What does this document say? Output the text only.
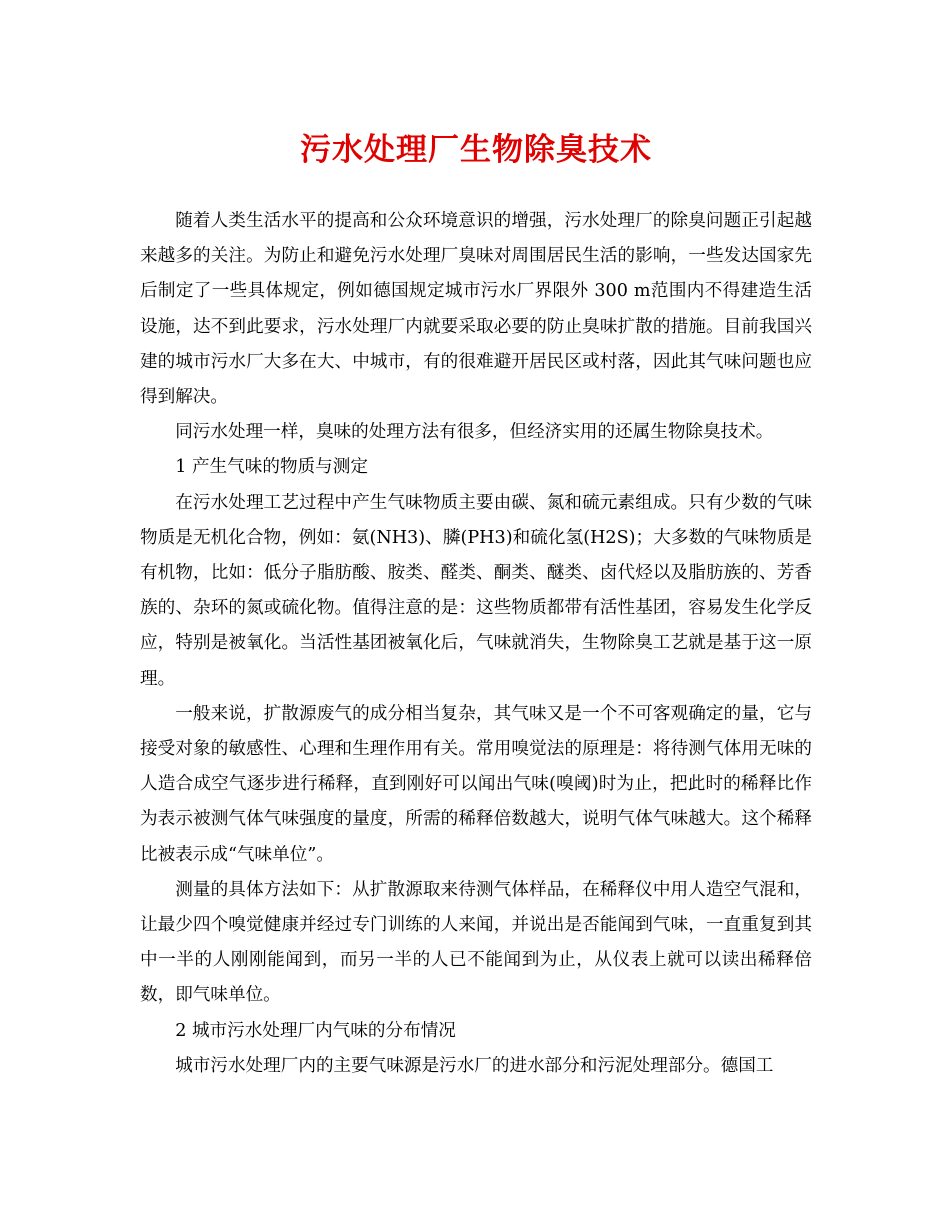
污水处理厂生物除臭技术

随着人类生活水平的提高和公众环境意识的增强，污水处理厂的除臭问题正引起越来越多的关注。为防止和避免污水处理厂臭味对周围居民生活的影响，一些发达国家先后制定了一些具体规定，例如德国规定城市污水厂界限外 300 m范围内不得建造生活设施，达不到此要求，污水处理厂内就要采取必要的防止臭味扩散的措施。目前我国兴建的城市污水厂大多在大、中城市，有的很难避开居民区或村落，因此其气味问题也应得到解决。

同污水处理一样，臭味的处理方法有很多，但经济实用的还属生物除臭技术。

1 产生气味的物质与测定

在污水处理工艺过程中产生气味物质主要由碳、氮和硫元素组成。只有少数的气味物质是无机化合物，例如：氨(NH3)、膦(PH3)和硫化氢(H2S)；大多数的气味物质是有机物，比如：低分子脂肪酸、胺类、醛类、酮类、醚类、卤代烃以及脂肪族的、芳香族的、杂环的氮或硫化物。值得注意的是：这些物质都带有活性基团，容易发生化学反应，特别是被氧化。当活性基团被氧化后，气味就消失，生物除臭工艺就是基于这一原理。

一般来说，扩散源废气的成分相当复杂，其气味又是一个不可客观确定的量，它与接受对象的敏感性、心理和生理作用有关。常用嗅觉法的原理是：将待测气体用无味的人造合成空气逐步进行稀释，直到刚好可以闻出气味(嗅阈)时为止，把此时的稀释比作为表示被测气体气味强度的量度，所需的稀释倍数越大，说明气体气味越大。这个稀释比被表示成“气味单位”。

测量的具体方法如下：从扩散源取来待测气体样品，在稀释仪中用人造空气混和，让最少四个嗅觉健康并经过专门训练的人来闻，并说出是否能闻到气味，一直重复到其中一半的人刚刚能闻到，而另一半的人已不能闻到为止，从仪表上就可以读出稀释倍数，即气味单位。

2 城市污水处理厂内气味的分布情况

城市污水处理厂内的主要气味源是污水厂的进水部分和污泥处理部分。德国工
